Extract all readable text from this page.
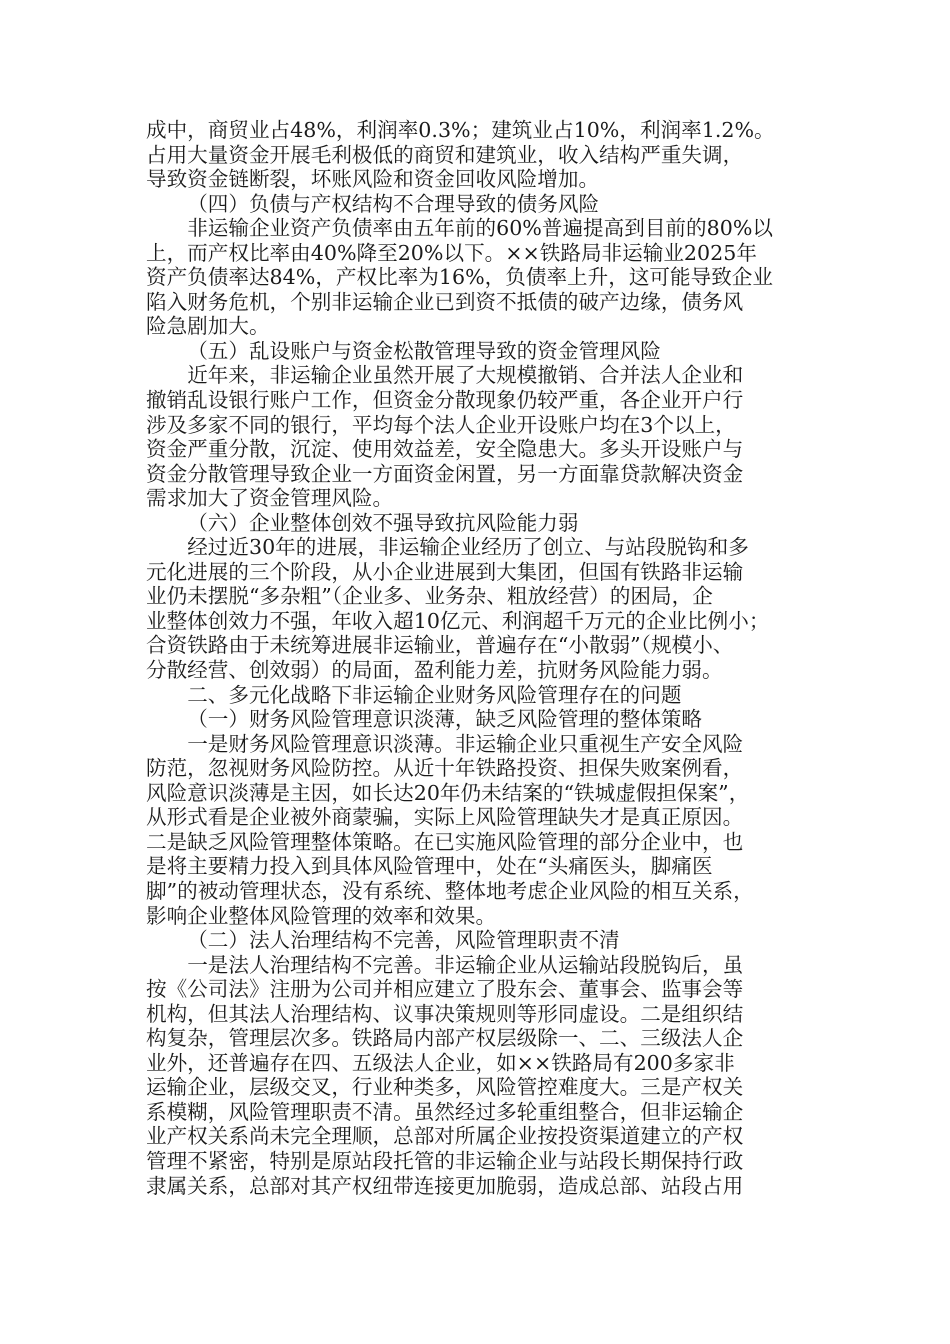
成中，商贸业占48%，利润率0.3%；建筑业占10%，利润率1.2%。
占用大量资金开展毛利极低的商贸和建筑业，收入结构严重失调，
导致资金链断裂，坏账风险和资金回收风险增加。
（四）负债与产权结构不合理导致的债务风险
非运输企业资产负债率由五年前的60%普遍提高到目前的80%以
上，而产权比率由40%降至20%以下。××铁路局非运输业2025年
资产负债率达84%，产权比率为16%，负债率上升，这可能导致企业
陷入财务危机，个别非运输企业已到资不抵债的破产边缘，债务风
险急剧加大。
（五）乱设账户与资金松散管理导致的资金管理风险
近年来，非运输企业虽然开展了大规模撤销、合并法人企业和
撤销乱设银行账户工作，但资金分散现象仍较严重，各企业开户行
涉及多家不同的银行，平均每个法人企业开设账户均在3个以上，
资金严重分散，沉淀、使用效益差，安全隐患大。多头开设账户与
资金分散管理导致企业一方面资金闲置，另一方面靠贷款解决资金
需求加大了资金管理风险。
（六）企业整体创效不强导致抗风险能力弱
经过近30年的进展，非运输企业经历了创立、与站段脱钩和多
元化进展的三个阶段，从小企业进展到大集团，但国有铁路非运输
业仍未摆脱“多杂粗”（企业多、业务杂、粗放经营）的困局，企
业整体创效力不强，年收入超10亿元、利润超千万元的企业比例小；
合资铁路由于未统筹进展非运输业，普遍存在“小散弱”（规模小、
分散经营、创效弱）的局面，盈利能力差，抗财务风险能力弱。
二、多元化战略下非运输企业财务风险管理存在的问题
（一）财务风险管理意识淡薄，缺乏风险管理的整体策略
一是财务风险管理意识淡薄。非运输企业只重视生产安全风险
防范，忽视财务风险防控。从近十年铁路投资、担保失败案例看，
风险意识淡薄是主因，如长达20年仍未结案的“铁城虚假担保案”，
从形式看是企业被外商蒙骗，实际上风险管理缺失才是真正原因。
二是缺乏风险管理整体策略。在已实施风险管理的部分企业中，也
是将主要精力投入到具体风险管理中，处在“头痛医头，脚痛医
脚”的被动管理状态，没有系统、整体地考虑企业风险的相互关系，
影响企业整体风险管理的效率和效果。
（二）法人治理结构不完善，风险管理职责不清
一是法人治理结构不完善。非运输企业从运输站段脱钩后，虽
按《公司法》注册为公司并相应建立了股东会、董事会、监事会等
机构，但其法人治理结构、议事决策规则等形同虚设。二是组织结
构复杂，管理层次多。铁路局内部产权层级除一、二、三级法人企
业外，还普遍存在四、五级法人企业，如××铁路局有200多家非
运输企业，层级交叉，行业种类多，风险管控难度大。三是产权关
系模糊，风险管理职责不清。虽然经过多轮重组整合，但非运输企
业产权关系尚未完全理顺，总部对所属企业按投资渠道建立的产权
管理不紧密，特别是原站段托管的非运输企业与站段长期保持行政
隶属关系，总部对其产权纽带连接更加脆弱，造成总部、站段占用
